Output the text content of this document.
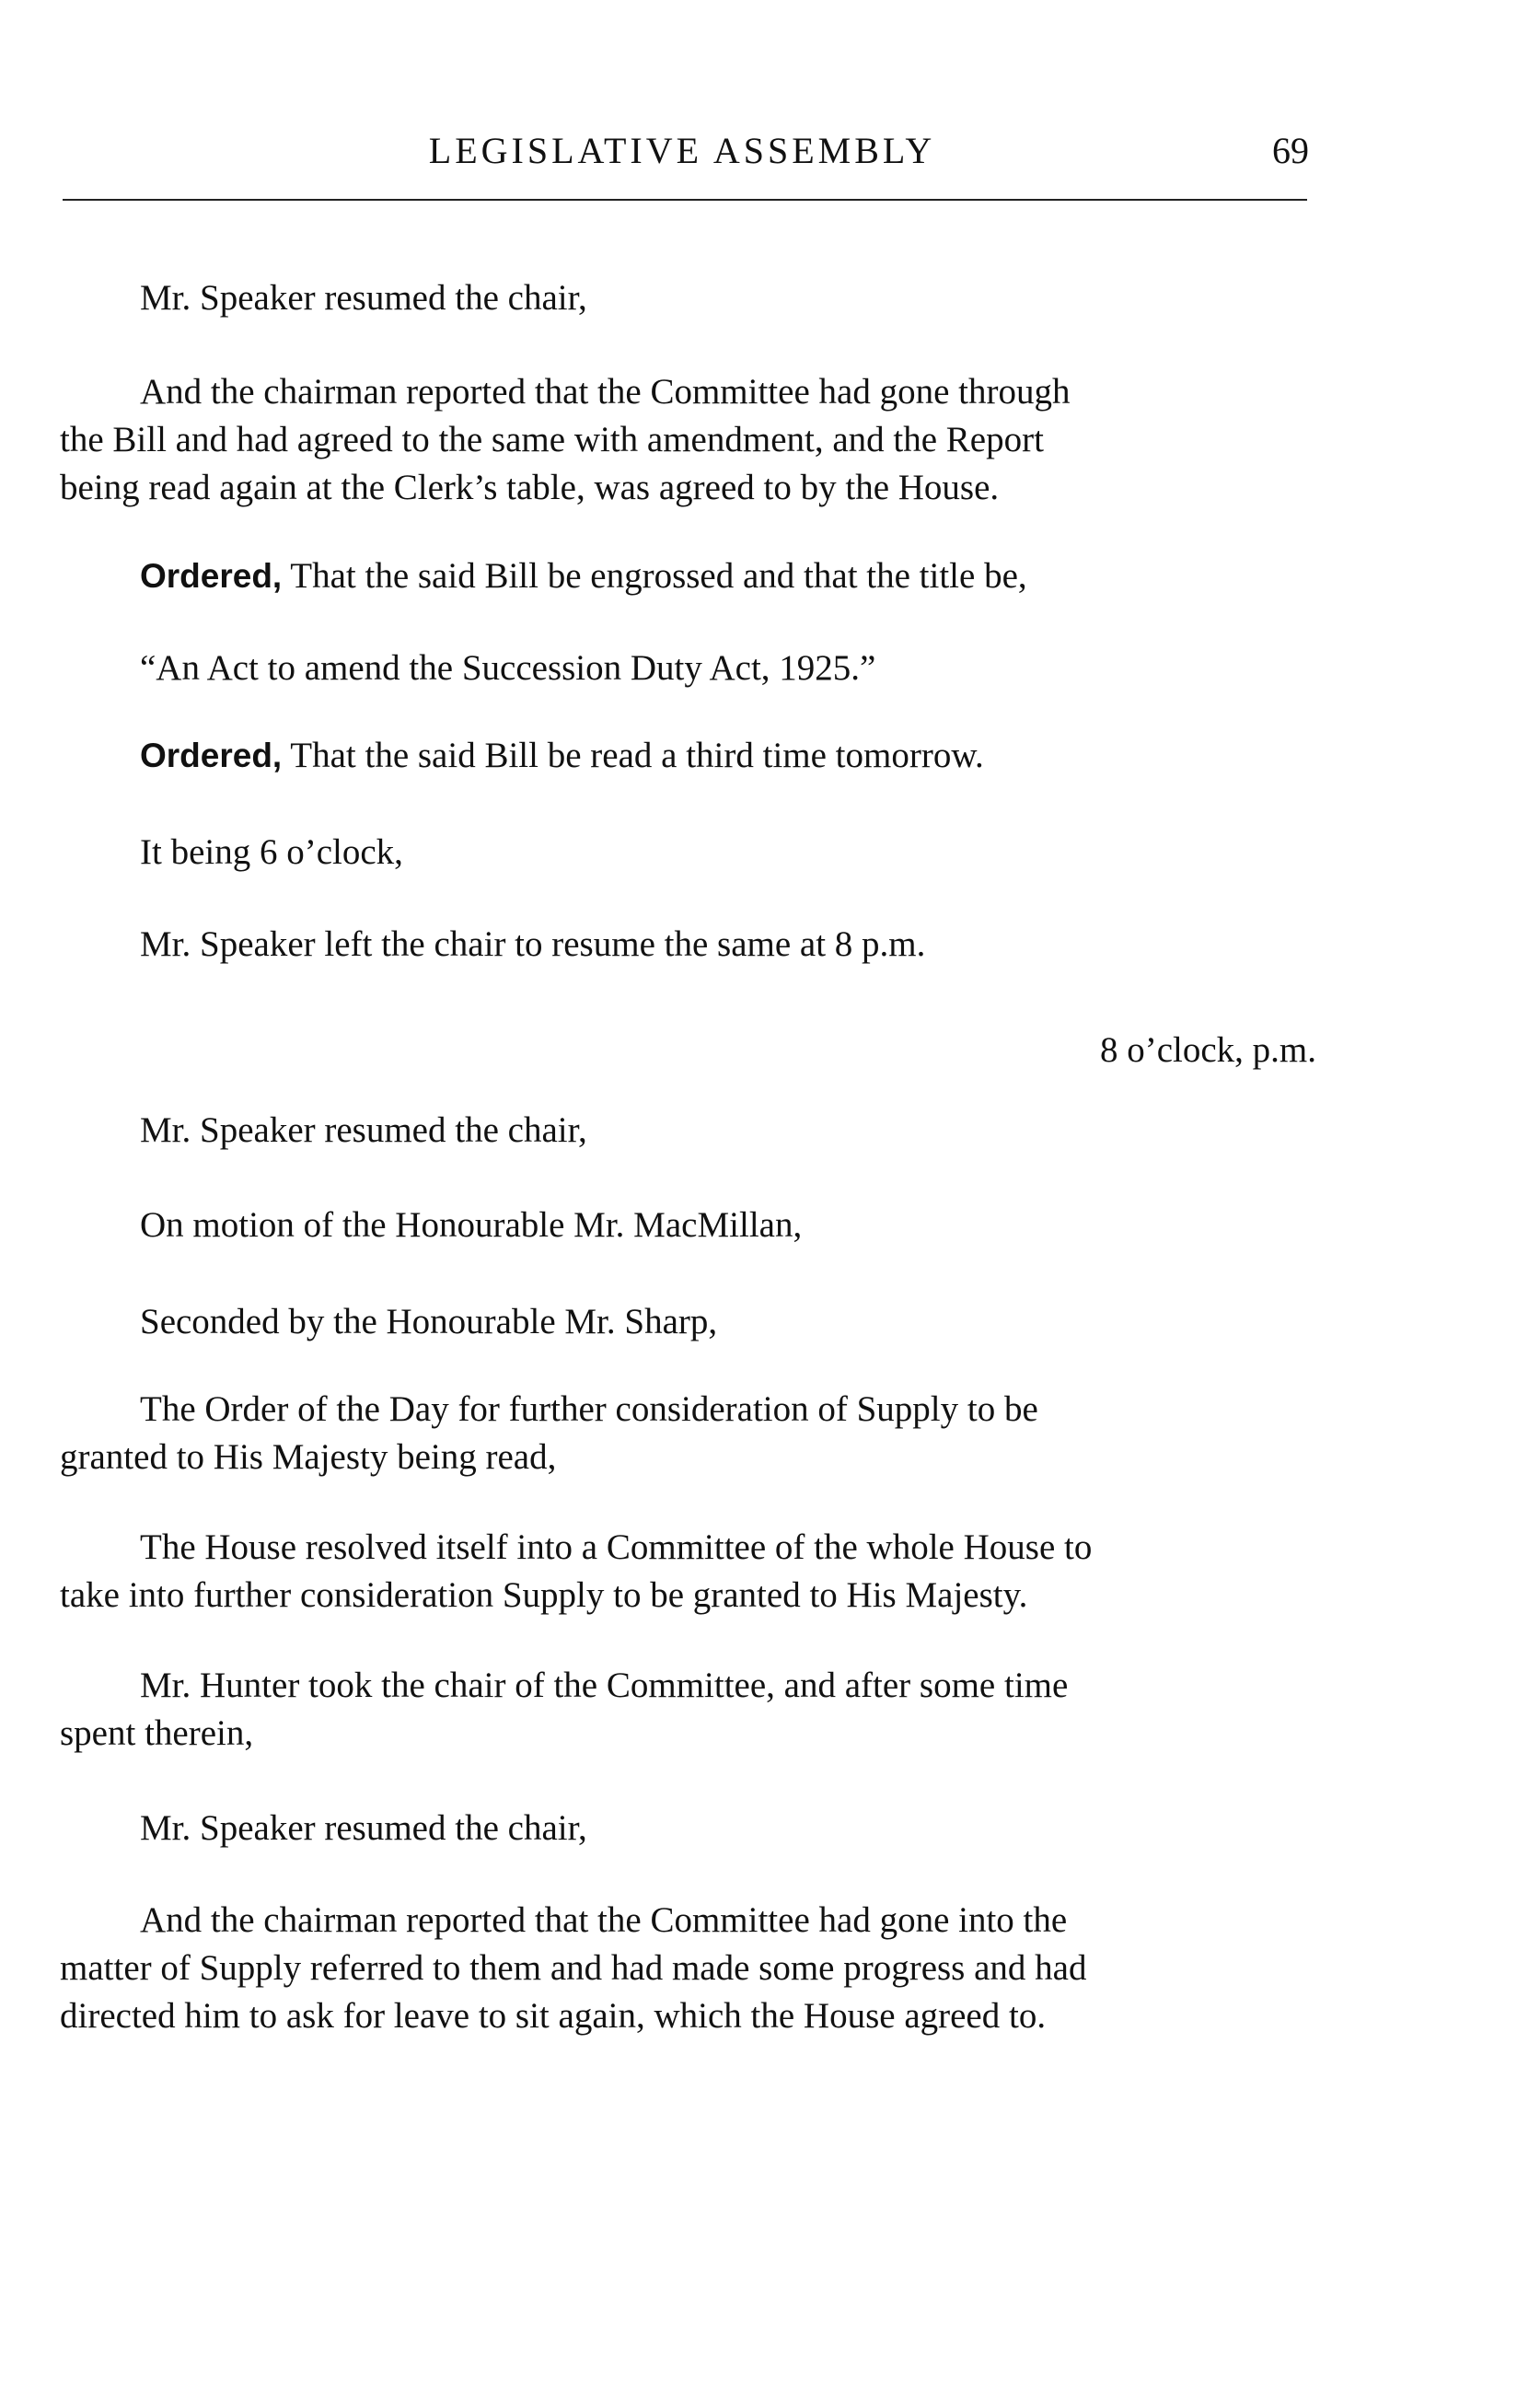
LEGISLATIVE ASSEMBLY	69
Mr. Speaker resumed the chair,
And the chairman reported that the Committee had gone through
the Bill and had agreed to the same with amendment, and the Report
being read again at the Clerk’s table, was agreed to by the House.
Ordered, That the said Bill be engrossed and that the title be,
“An Act to amend the Succession Duty Act, 1925.”
Ordered, That the said Bill be read a third time tomorrow.
It being 6 o’clock,
Mr. Speaker left the chair to resume the same at 8 p.m.
8 o’clock, p.m.
Mr. Speaker resumed the chair,
On motion of the Honourable Mr. MacMillan,
Seconded by the Honourable Mr. Sharp,
The Order of the Day for further consideration of Supply to be
granted to His Majesty being read,
The House resolved itself into a Committee of the whole House to
take into further consideration Supply to be granted to His Majesty.
Mr. Hunter took the chair of the Committee, and after some time
spent therein,
Mr. Speaker resumed the chair,
And the chairman reported that the Committee had gone into the
matter of Supply referred to them and had made some progress and had
directed him to ask for leave to sit again, which the House agreed to.
